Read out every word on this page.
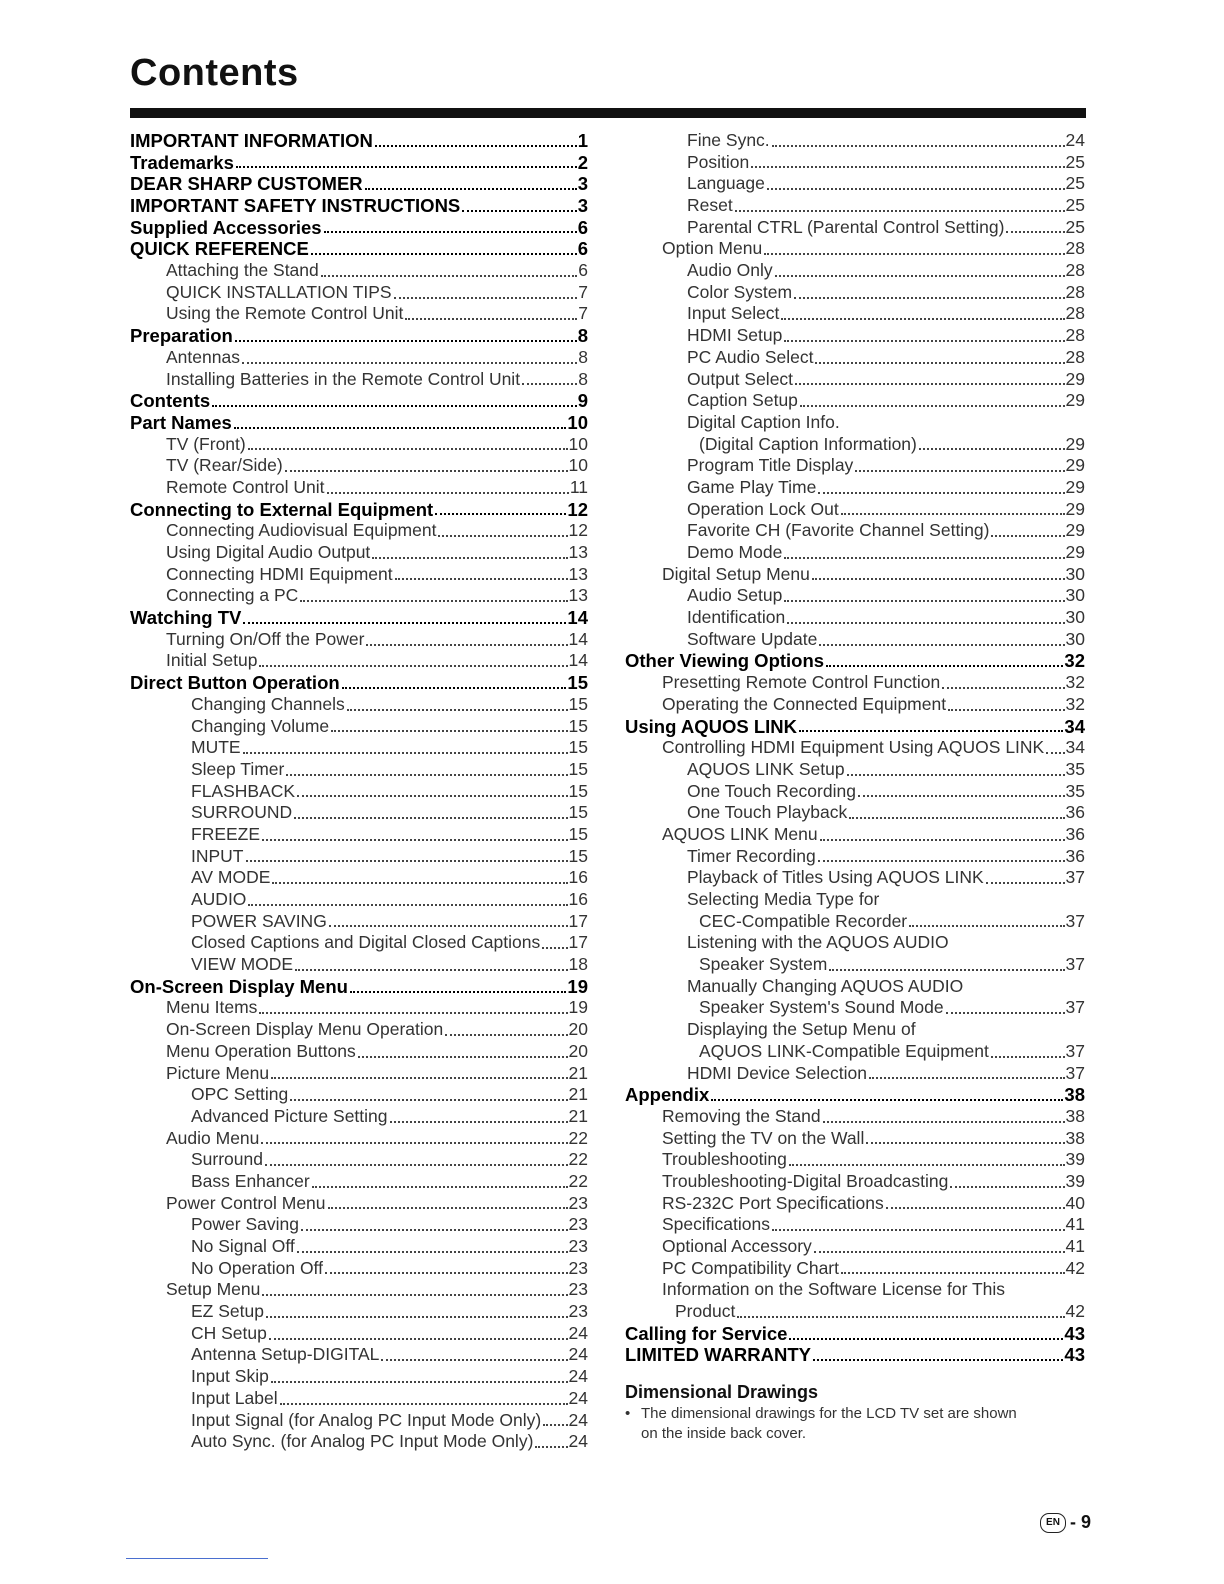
Contents
IMPORTANT INFORMATION	1
Trademarks	2
DEAR SHARP CUSTOMER	3
IMPORTANT SAFETY INSTRUCTIONS	3
Supplied Accessories	6
QUICK REFERENCE	6
Attaching the Stand	6
QUICK INSTALLATION TIPS	7
Using the Remote Control Unit	7
Preparation	8
Antennas	8
Installing Batteries in the Remote Control Unit	8
Contents	9
Part Names	10
TV (Front)	10
TV (Rear/Side)	10
Remote Control Unit	11
Connecting to External Equipment	12
Connecting Audiovisual Equipment	12
Using Digital Audio Output	13
Connecting HDMI Equipment	13
Connecting a PC	13
Watching TV	14
Turning On/Off the Power	14
Initial Setup	14
Direct Button Operation	15
Changing Channels	15
Changing Volume	15
MUTE	15
Sleep Timer	15
FLASHBACK	15
SURROUND	15
FREEZE	15
INPUT	15
AV MODE	16
AUDIO	16
POWER SAVING	17
Closed Captions and Digital Closed Captions 17
VIEW MODE	18
On-Screen Display Menu	19
Menu Items	19
On-Screen Display Menu Operation	20
Menu Operation Buttons	20
Picture Menu	21
OPC Setting	21
Advanced Picture Setting	21
Audio Menu	22
Surround	22
Bass Enhancer	22
Power Control Menu	23
Power Saving	23
No Signal Off	23
No Operation Off	23
Setup Menu	23
EZ Setup	23
CH Setup	24
Antenna Setup-DIGITAL	24
Input Skip	24
Input Label	24
Input Signal (for Analog PC Input Mode Only) 24
Auto Sync. (for Analog PC Input Mode Only) 24
Fine Sync.	24
Position	25
Language	25
Reset	25
Parental CTRL (Parental Control Setting)	25
Option Menu	28
Audio Only	28
Color System	28
Input Select	28
HDMI Setup	28
PC Audio Select	28
Output Select	29
Caption Setup	29
Digital Caption Info.
(Digital Caption Information)	29
Program Title Display	29
Game Play Time	29
Operation Lock Out	29
Favorite CH (Favorite Channel Setting)	29
Demo Mode	29
Digital Setup Menu	30
Audio Setup	30
Identification	30
Software Update	30
Other Viewing Options	32
Presetting Remote Control Function	32
Operating the Connected Equipment	32
Using AQUOS LINK	34
Controlling HDMI Equipment Using AQUOS LINK 34
AQUOS LINK Setup	35
One Touch Recording	35
One Touch Playback	36
AQUOS LINK Menu	36
Timer Recording	36
Playback of Titles Using AQUOS LINK	37
Selecting Media Type for
CEC-Compatible Recorder	37
Listening with the AQUOS AUDIO
Speaker System	37
Manually Changing AQUOS AUDIO
Speaker System's Sound Mode	37
Displaying the Setup Menu of
AQUOS LINK-Compatible Equipment	37
HDMI Device Selection	37
Appendix	38
Removing the Stand	38
Setting the TV on the Wall	38
Troubleshooting	39
Troubleshooting-Digital Broadcasting	39
RS-232C Port Specifications	40
Specifications	41
Optional Accessory	41
PC Compatibility Chart	42
Information on the Software License for This
Product	42
Calling for Service	43
LIMITED WARRANTY	43
Dimensional Drawings
• The dimensional drawings for the LCD TV set are shown
on the inside back cover.
EN - 9
